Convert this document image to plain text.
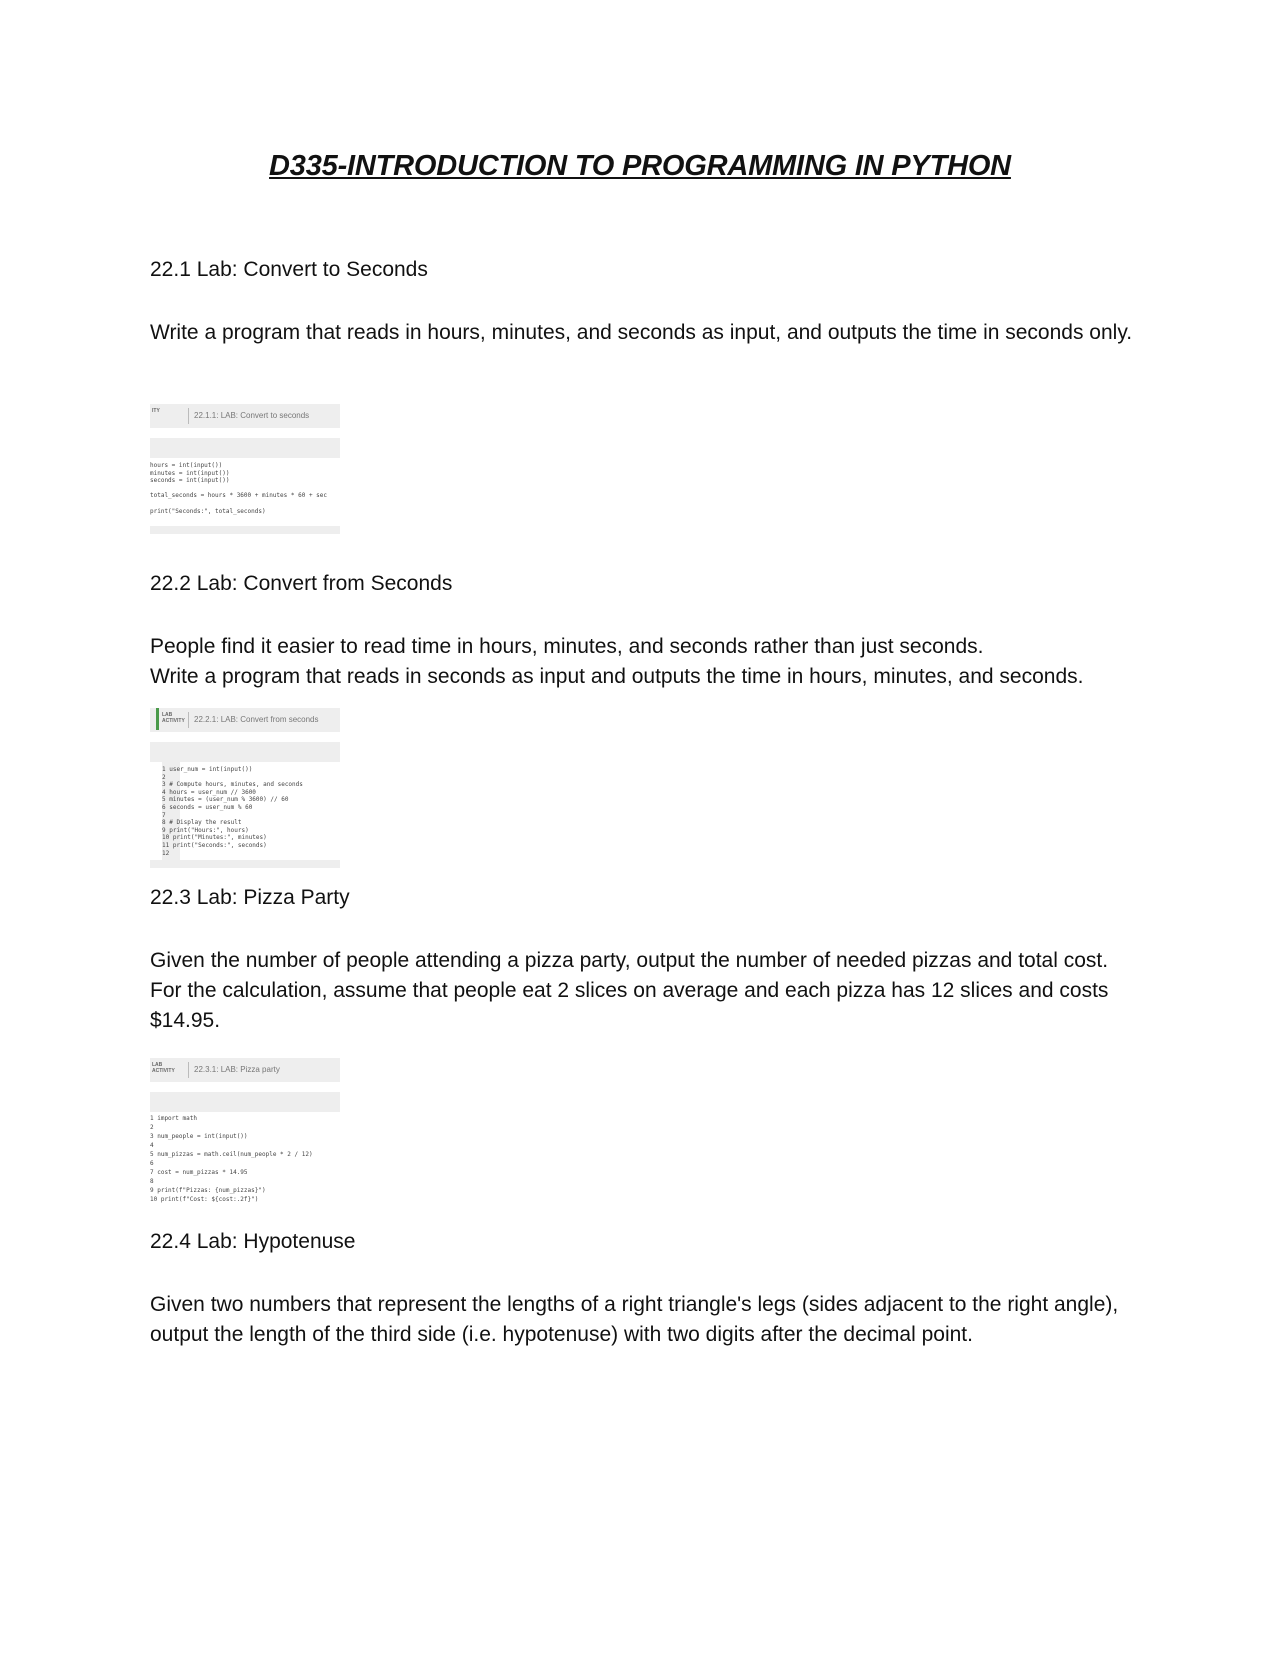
D335-INTRODUCTION TO PROGRAMMING IN PYTHON
22.1 Lab: Convert to Seconds

Write a program that reads in hours, minutes, and seconds as input, and outputs the time in seconds only.

ITY	22.1.1: LAB: Convert to seconds
hours = int(input())
minutes = int(input())
seconds = int(input())

total_seconds = hours * 3600 + minutes * 60 + sec

print("Seconds:", total_seconds)
22.2 Lab: Convert from Seconds

People find it easier to read time in hours, minutes, and seconds rather than just seconds.

Write a program that reads in seconds as input and outputs the time in hours, minutes, and seconds.

LAB ACTIVITY	22.2.1: LAB: Convert from seconds
1 user_num = int(input())
2
3 # Compute hours, minutes, and seconds
4 hours = user_num // 3600
5 minutes = (user_num % 3600) // 60
6 seconds = user_num % 60
7
8 # Display the result
9 print("Hours:", hours)
10 print("Minutes:", minutes)
11 print("Seconds:", seconds)
12
22.3 Lab: Pizza Party

Given the number of people attending a pizza party, output the number of needed pizzas and total cost. For the calculation, assume that people eat 2 slices on average and each pizza has 12 slices and costs $14.95.

LAB ACTIVITY	22.3.1: LAB: Pizza party
1 import math
2
3 num_people = int(input())
4
5 num_pizzas = math.ceil(num_people * 2 / 12)
6
7 cost = num_pizzas * 14.95
8
9 print(f"Pizzas: {num_pizzas}")
10 print(f"Cost: ${cost:.2f}")
22.4 Lab: Hypotenuse

Given two numbers that represent the lengths of a right triangle's legs (sides adjacent to the right angle), output the length of the third side (i.e. hypotenuse) with two digits after the decimal point.
